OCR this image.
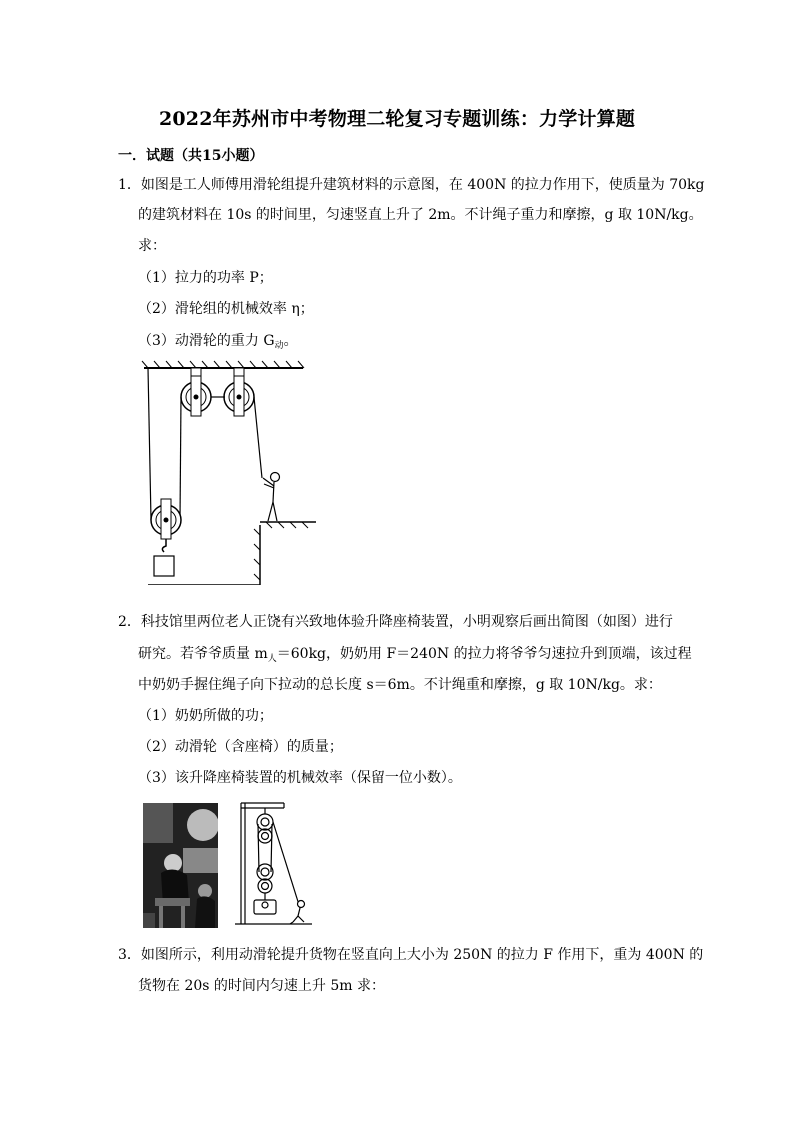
2022年苏州市中考物理二轮复习专题训练：力学计算题
一．试题（共15小题）
1．如图是工人师傅用滑轮组提升建筑材料的示意图，在 400N 的拉力作用下，使质量为 70kg
的建筑材料在 10s 的时间里，匀速竖直上升了 2m。不计绳子重力和摩擦，g 取 10N/kg。
求：
（1）拉力的功率 P；
（2）滑轮组的机械效率 η；
（3）动滑轮的重力 $G_动$。
2．科技馆里两位老人正饶有兴致地体验升降座椅装置，小明观察后画出简图（如图）进行
研究。若爷爷质量 $m_人=60kg$，奶奶用 F＝240N 的拉力将爷爷匀速拉升到顶端，该过程
中奶奶手握住绳子向下拉动的总长度 s＝6m。不计绳重和摩擦，g 取 10N/kg。求：
（1）奶奶所做的功；
（2）动滑轮（含座椅）的质量；
（3）该升降座椅装置的机械效率（保留一位小数）。
3．如图所示，利用动滑轮提升货物在竖直向上大小为 250N 的拉力 F 作用下，重为 400N 的
货物在 20s 的时间内匀速上升 5m 求：
